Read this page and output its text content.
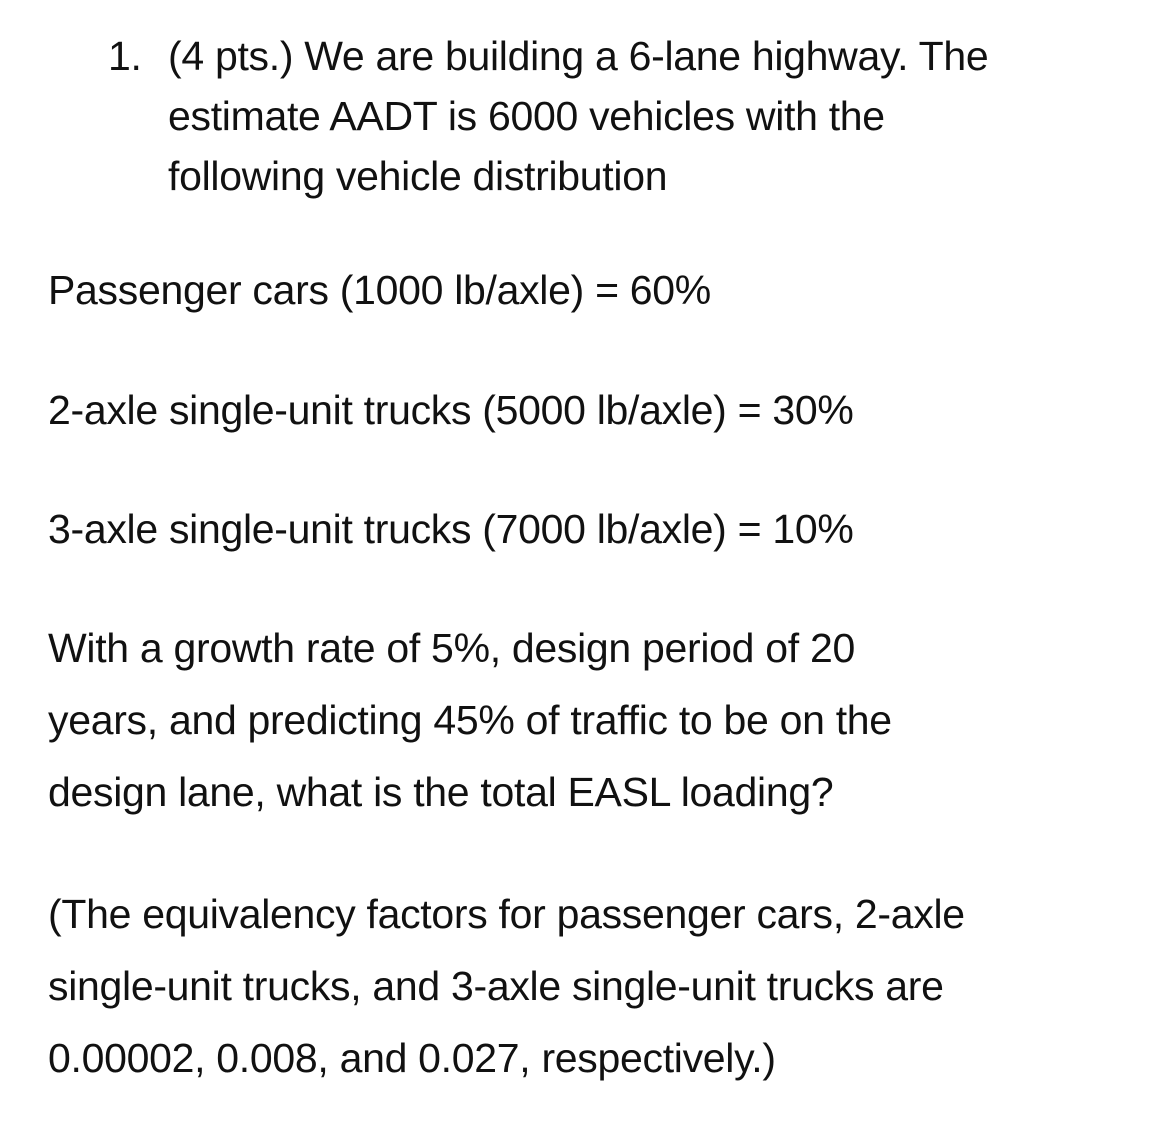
1. (4 pts.) We are building a 6-lane highway. The
estimate AADT is 6000 vehicles with the
following vehicle distribution
Passenger cars (1000 lb/axle) = 60%
2-axle single-unit trucks (5000 lb/axle) = 30%
3-axle single-unit trucks (7000 lb/axle) = 10%
With a growth rate of 5%, design period of 20
years, and predicting 45% of traffic to be on the
design lane, what is the total EASL loading?
(The equivalency factors for passenger cars, 2-axle
single-unit trucks, and 3-axle single-unit trucks are
0.00002, 0.008, and 0.027, respectively.)
